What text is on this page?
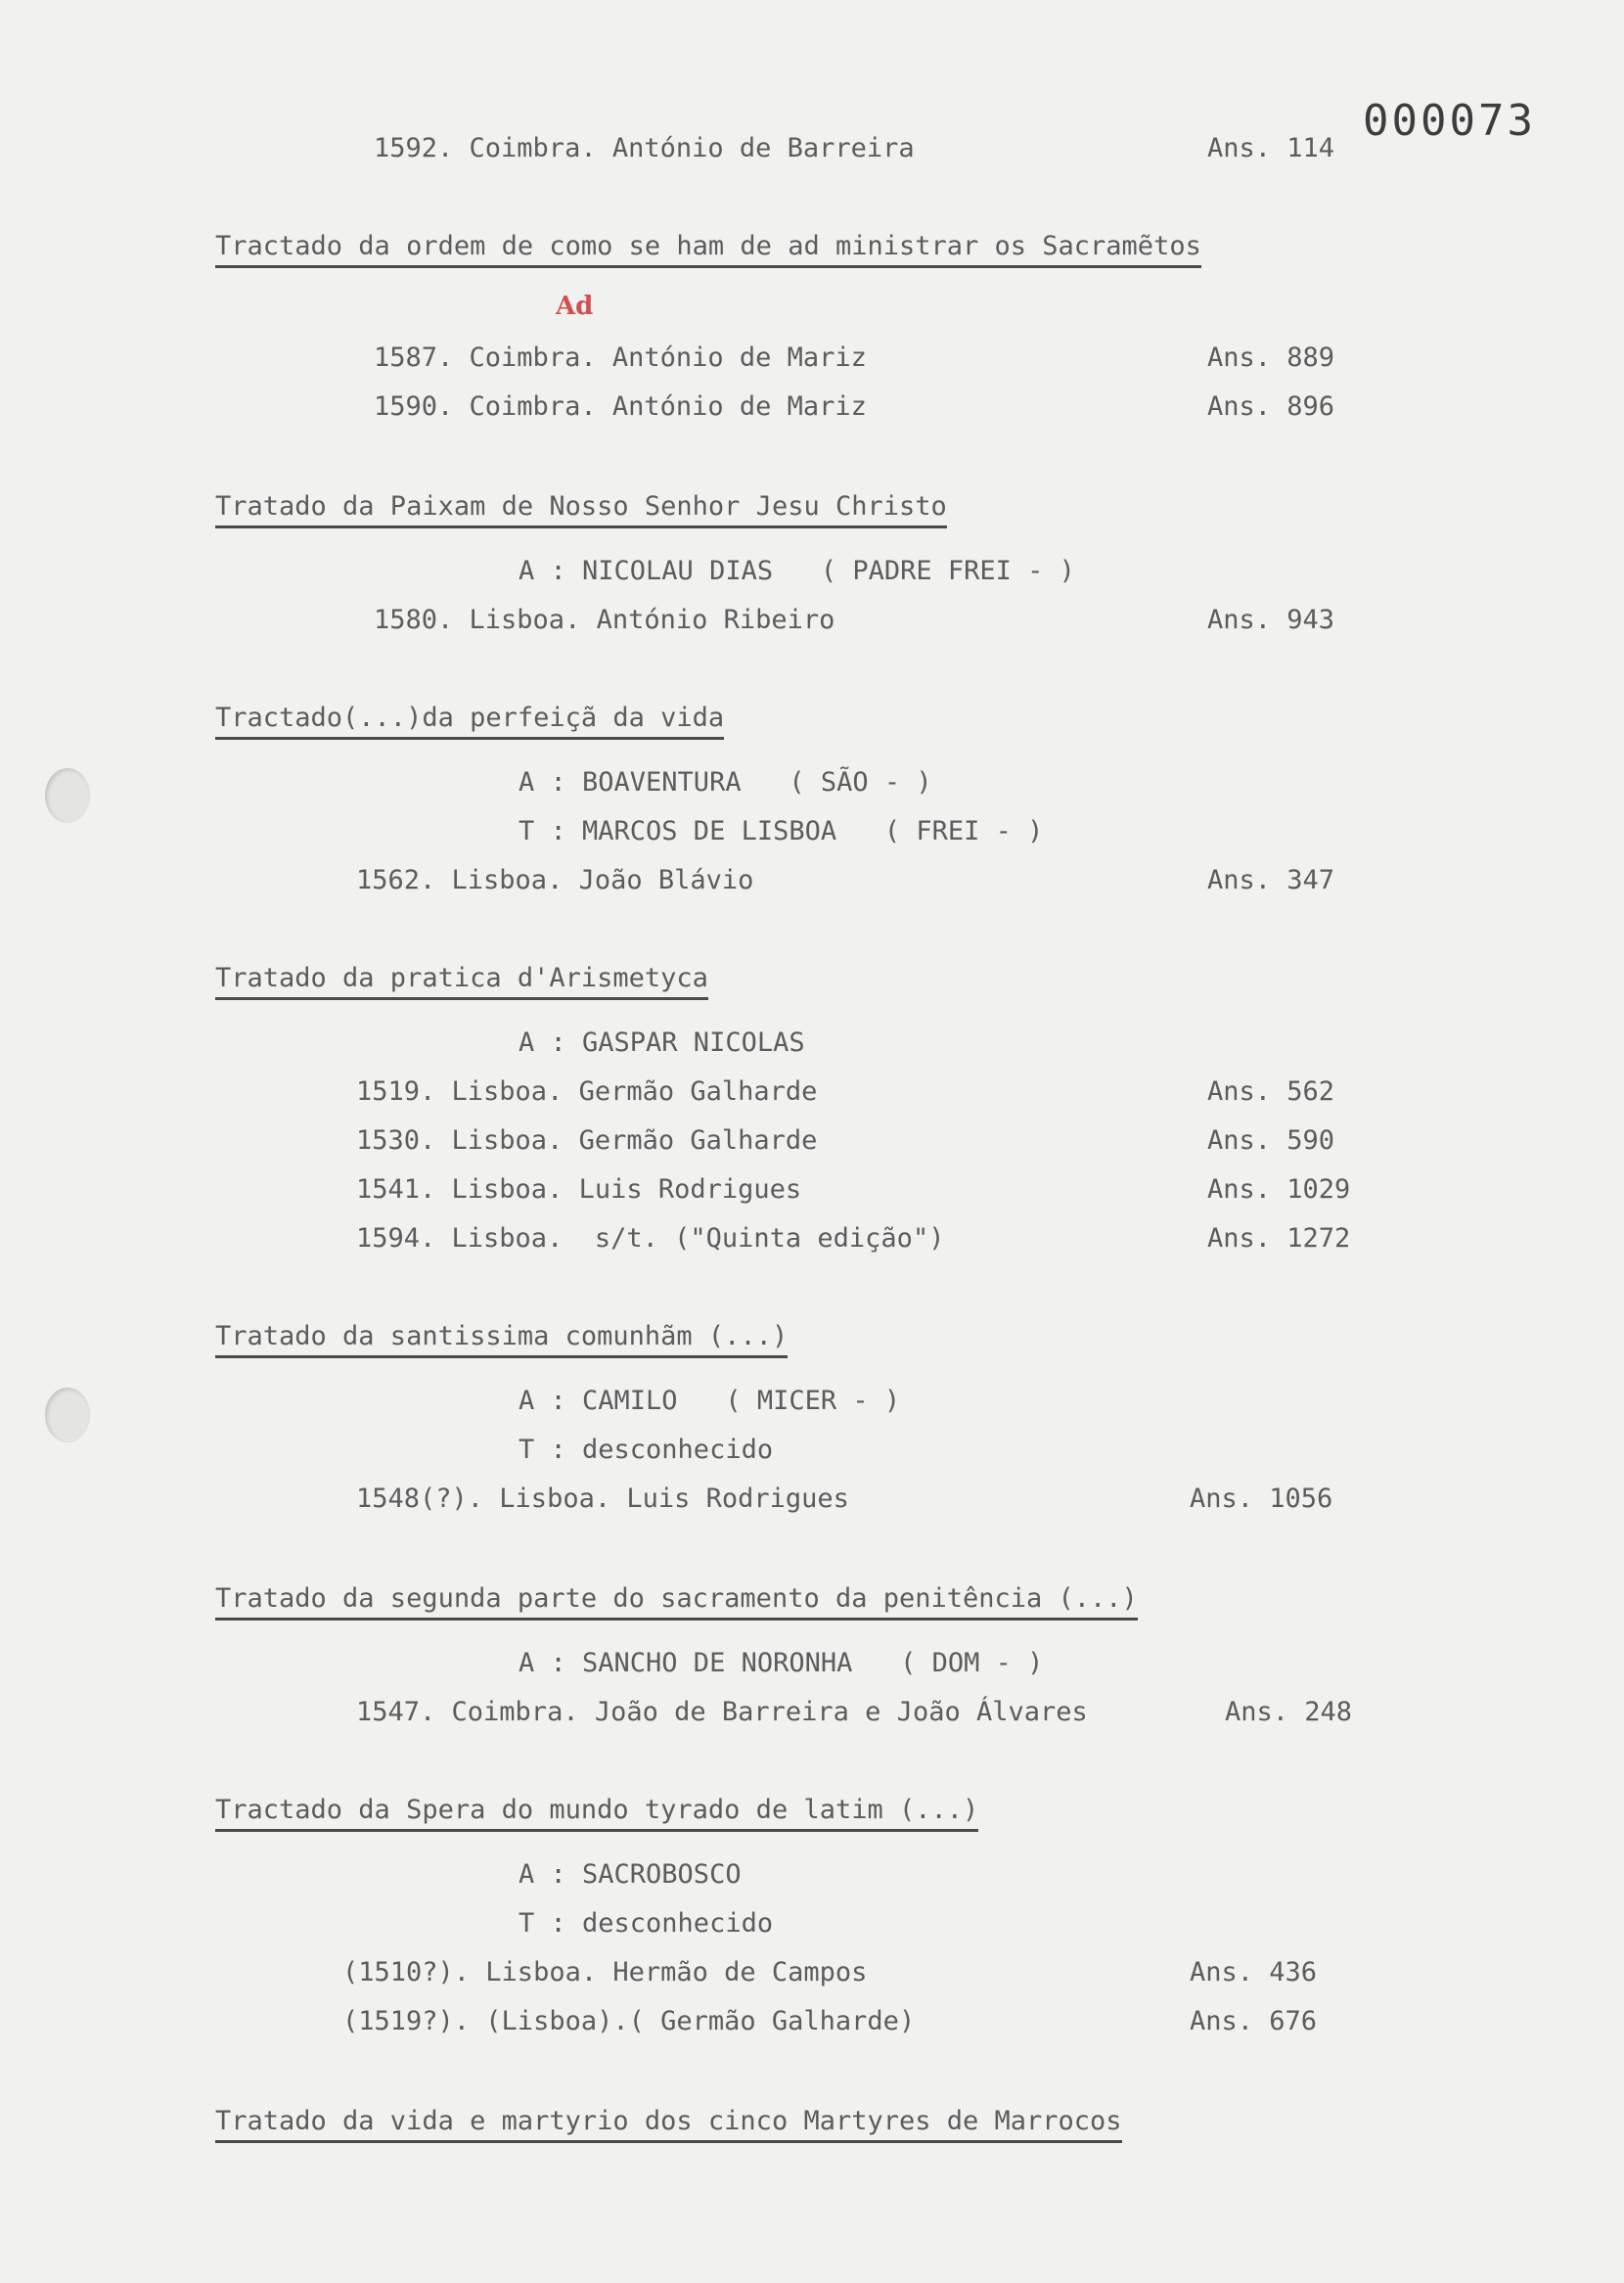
000073
Ad
1592. Coimbra. António de Barreira	Ans. 114
Tractado da ordem de como se ham de ad ministrar os Sacramẽtos
1587. Coimbra. António de Mariz	Ans. 889
1590. Coimbra. António de Mariz	Ans. 896
Tratado da Paixam de Nosso Senhor Jesu Christo
A : NICOLAU DIAS   ( PADRE FREI - )
1580. Lisboa. António Ribeiro	Ans. 943
Tractado(...)da perfeiçã da vida
A : BOAVENTURA   ( SÃO - )
T : MARCOS DE LISBOA   ( FREI - )
1562. Lisboa. João Blávio	Ans. 347
Tratado da pratica d'Arismetyca
A : GASPAR NICOLAS
1519. Lisboa. Germão Galharde	Ans. 562
1530. Lisboa. Germão Galharde	Ans. 590
1541. Lisboa. Luis Rodrigues	Ans. 1029
1594. Lisboa.  s/t. ("Quinta edição")	Ans. 1272
Tratado da santissima comunhãm (...)
A : CAMILO   ( MICER - )
T : desconhecido
1548(?). Lisboa. Luis Rodrigues	Ans. 1056
Tratado da segunda parte do sacramento da penitência (...)
A : SANCHO DE NORONHA   ( DOM - )
1547. Coimbra. João de Barreira e João Álvares	Ans. 248
Tractado da Spera do mundo tyrado de latim (...)
A : SACROBOSCO
T : desconhecido
(1510?). Lisboa. Hermão de Campos	Ans. 436
(1519?). (Lisboa).( Germão Galharde)	Ans. 676
Tratado da vida e martyrio dos cinco Martyres de Marrocos
